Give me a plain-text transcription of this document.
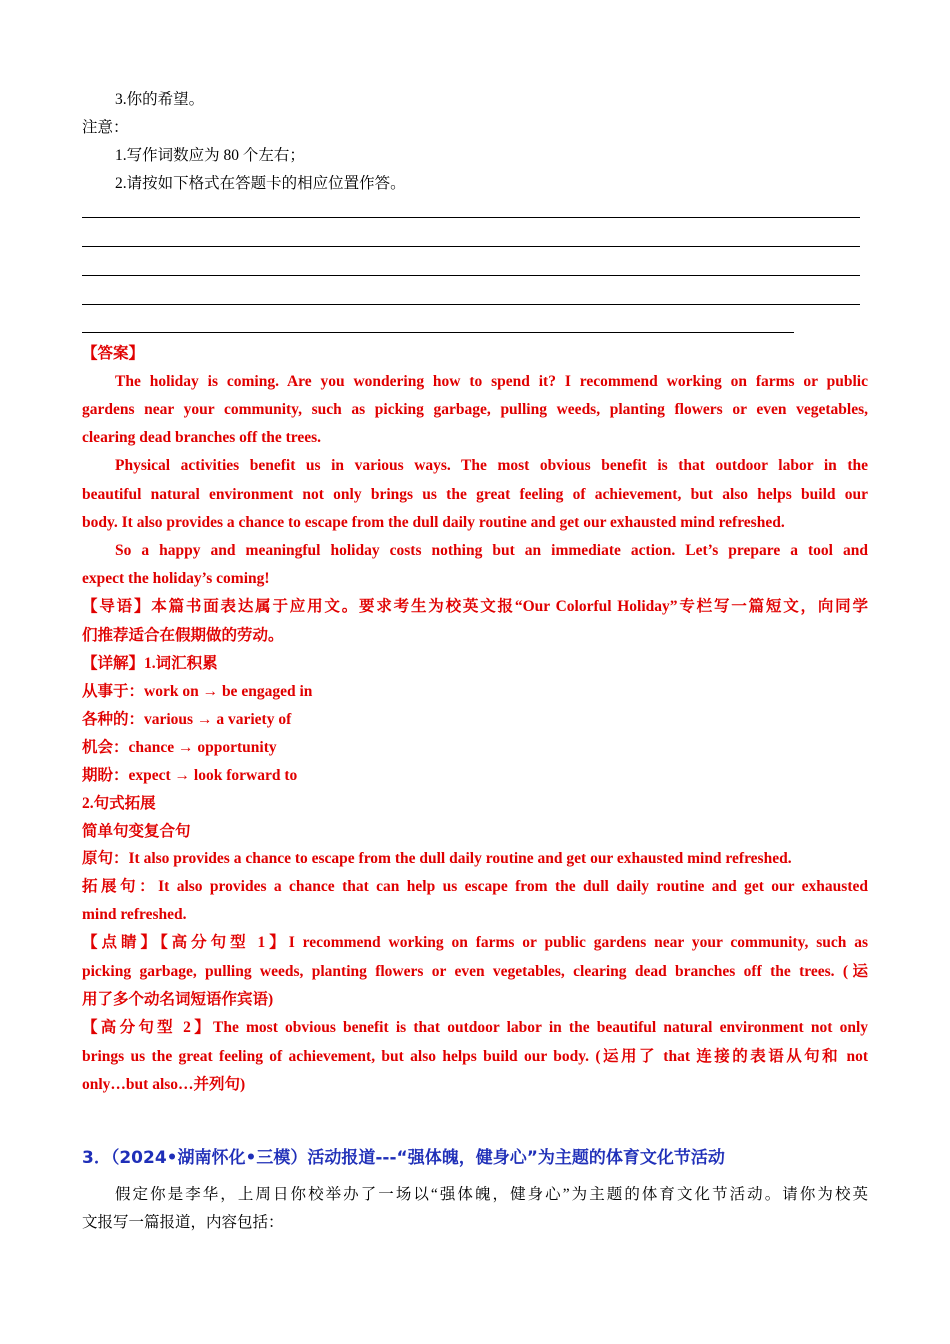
3.你的希望。
注意：
1.写作词数应为 80 个左右；
2.请按如下格式在答题卡的相应位置作答。
【答案】
The holiday is coming. Are you wondering how to spend it? I recommend working on farms or public
gardens near your community, such as picking garbage, pulling weeds, planting flowers or even vegetables,
clearing dead branches off the trees.
Physical activities benefit us in various ways. The most obvious benefit is that outdoor labor in the
beautiful natural environment not only brings us the great feeling of achievement, but also helps build our
body. It also provides a chance to escape from the dull daily routine and get our exhausted mind refreshed.
So a happy and meaningful holiday costs nothing but an immediate action. Let’s prepare a tool and
expect the holiday’s coming!
【导语】本篇书面表达属于应用文。要求考生为校英文报“Our Colorful Holiday”专栏写一篇短文，向同学
们推荐适合在假期做的劳动。
【详解】1.词汇积累
从事于：work on → be engaged in
各种的：various → a variety of
机会：chance → opportunity
期盼：expect → look forward to
2.句式拓展
简单句变复合句
原句：It also provides a chance to escape from the dull daily routine and get our exhausted mind refreshed.
拓展句：It also provides a chance that can help us escape from the dull daily routine and get our exhausted
mind refreshed.
【点睛】【高分句型 1】I recommend working on farms or public gardens near your community, such as
picking garbage, pulling weeds, planting flowers or even vegetables, clearing dead branches off the trees. (运
用了多个动名词短语作宾语)
【高分句型 2】The most obvious benefit is that outdoor labor in the beautiful natural environment not only
brings us the great feeling of achievement, but also helps build our body. (运用了 that 连接的表语从句和 not
only…but also…并列句)
3．（2024•湖南怀化•三模）活动报道---“强体魄，健身心”为主题的体育文化节活动
假定你是李华，上周日你校举办了一场以“强体魄，健身心”为主题的体育文化节活动。请你为校英
文报写一篇报道，内容包括：
